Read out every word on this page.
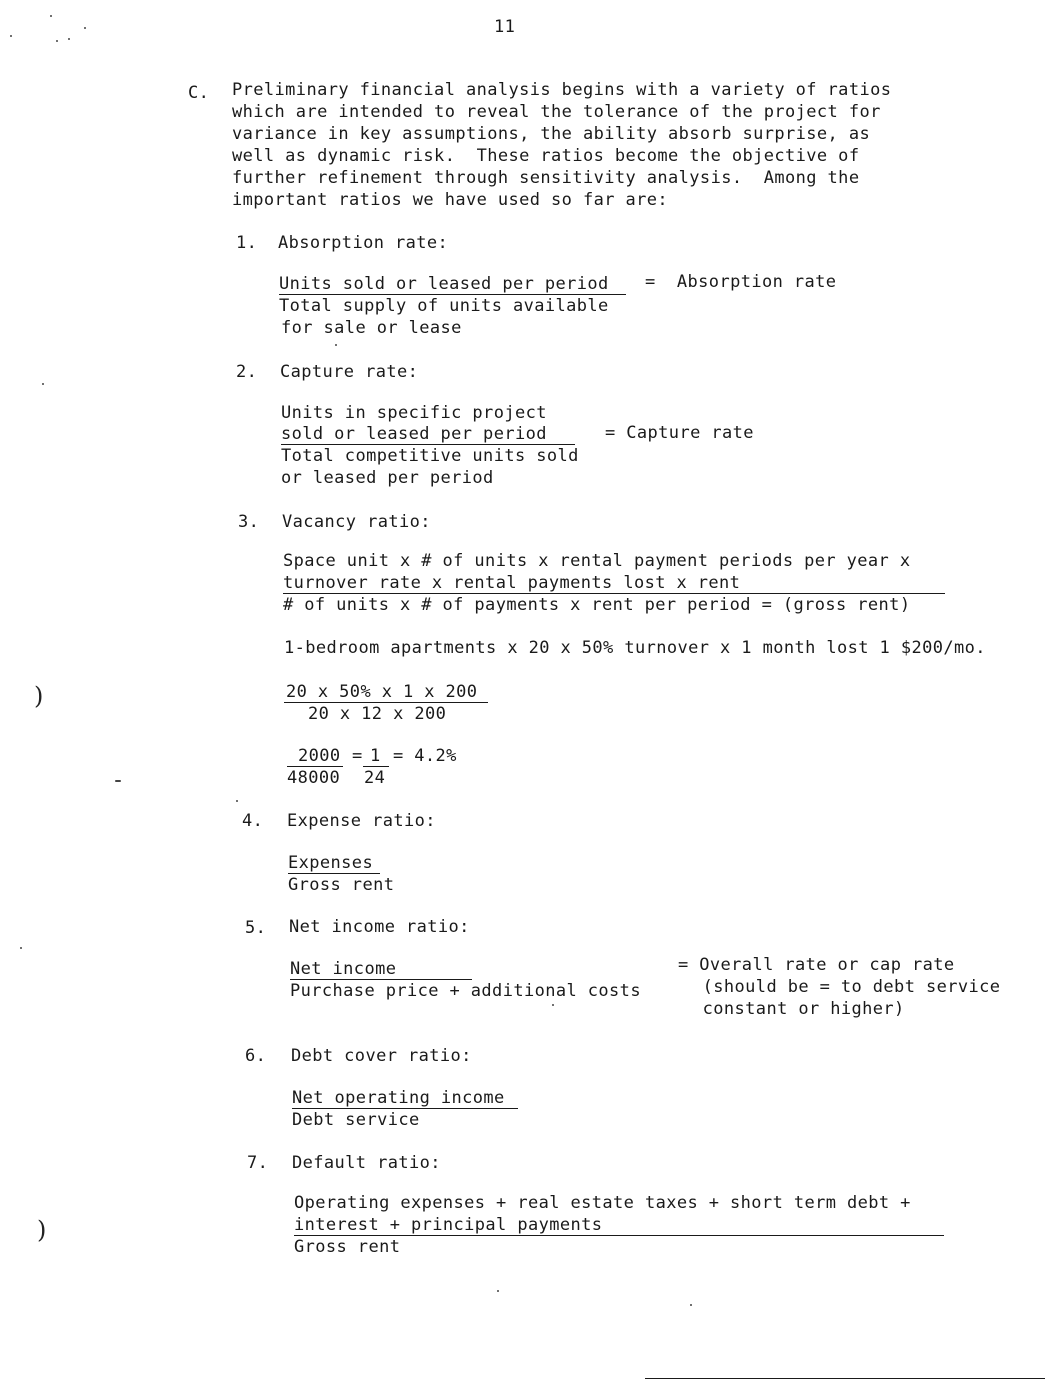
11
C. Preliminary financial analysis begins with a variety of ratios
which are intended to reveal the tolerance of the project for
variance in key assumptions, the ability absorb surprise, as
well as dynamic risk.  These ratios become the objective of
further refinement through sensitivity analysis.  Among the
important ratios we have used so far are:
1. Absorption rate:
Units sold or leased per period
Total supply of units available
for sale or lease
=  Absorption rate
2. Capture rate:
Units in specific project
sold or leased per period
Total competitive units sold
or leased per period
= Capture rate
3. Vacancy ratio:
Space unit x # of units x rental payment periods per year x
turnover rate x rental payments lost x rent
# of units x # of payments x rent per period = (gross rent)
1-bedroom apartments x 20 x 50% turnover x 1 month lost 1 $200/mo.
20 x 50% x 1 x 200
20 x 12 x 200
2000
48000
= 1
24
= 4.2%
4. Expense ratio:
Expenses
Gross rent
5. Net income ratio:
Net income
Purchase price + additional costs
= Overall rate or cap rate
(should be = to debt service
constant or higher)
6. Debt cover ratio:
Net operating income
Debt service
7. Default ratio:
Operating expenses + real estate taxes + short term debt +
interest + principal payments
Gross rent
)
)
